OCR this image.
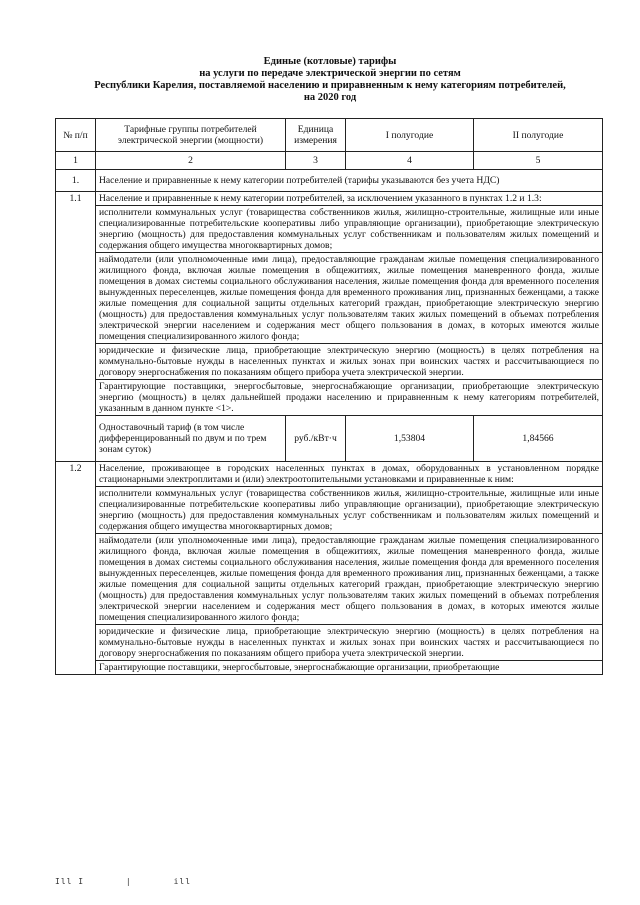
Единые (котловые) тарифы
на услуги по передаче электрической энергии по сетям
Республики Карелия, поставляемой населению и приравненным к нему категориям потребителей,
на 2020 год
№ п/п	Тарифные группы потребителей электрической энергии (мощности)	Единица измерения	I полугодие	II полугодие
1	2	3	4	5
1.	Население и приравненные к нему категории потребителей (тарифы указываются без учета НДС)			
1.1	Население и приравненные к нему категории потребителей, за исключением указанного в пунктах 1.2 и 1.3:			
	исполнители коммунальных услуг (товарищества собственников жилья, жилищно-строительные, жилищные или иные специализированные потребительские кооперативы либо управляющие организации), приобретающие электрическую энергию (мощность) для предоставления коммунальных услуг собственникам и пользователям жилых помещений и содержания общего имущества многоквартирных домов;			
	наймодатели (или уполномоченные ими лица), предоставляющие гражданам жилые помещения специализированного жилищного фонда, включая жилые помещения в общежитиях, жилые помещения маневренного фонда, жилые помещения в домах системы социального обслуживания населения, жилые помещения фонда для временного поселения вынужденных переселенцев, жилые помещения фонда для временного проживания лиц, признанных беженцами, а также жилые помещения для социальной защиты отдельных категорий граждан, приобретающие электрическую энергию (мощность) для предоставления коммунальных услуг пользователям таких жилых помещений в объемах потребления электрической энергии населением и содержания мест общего пользования в домах, в которых имеются жилые помещения специализированного жилого фонда;			
	юридические и физические лица, приобретающие электрическую энергию (мощность) в целях потребления на коммунально-бытовые нужды в населенных пунктах и жилых зонах при воинских частях и рассчитывающиеся по договору энергоснабжения по показаниям общего прибора учета электрической энергии.			
	Гарантирующие поставщики, энергосбытовые, энергоснабжающие организации, приобретающие электрическую энергию (мощность) в целях дальнейшей продажи населению и приравненным к нему категориям потребителей, указанным в данном пункте <1>.			
	Одноставочный тариф (в том числе дифференцированный по двум и по трем зонам суток)	руб./кВт·ч	1,53804	1,84566
1.2	Население, проживающее в городских населенных пунктах в домах, оборудованных в установленном порядке стационарными электроплитами и (или) электроотопительными установками и приравненные к ним:			
	исполнители коммунальных услуг (товарищества собственников жилья, жилищно-строительные, жилищные или иные специализированные потребительские кооперативы либо управляющие организации), приобретающие электрическую энергию (мощность) для предоставления коммунальных услуг собственникам и пользователям жилых помещений и содержания общего имущества многоквартирных домов;			
	наймодатели (или уполномоченные ими лица), предоставляющие гражданам жилые помещения специализированного жилищного фонда, включая жилые помещения в общежитиях, жилые помещения маневренного фонда, жилые помещения в домах системы социального обслуживания населения, жилые помещения фонда для временного поселения вынужденных переселенцев, жилые помещения фонда для временного проживания лиц, признанных беженцами, а также жилые помещения для социальной защиты отдельных категорий граждан, приобретающие электрическую энергию (мощность) для предоставления коммунальных услуг пользователям таких жилых помещений в объемах потребления электрической энергии населением и содержания мест общего пользования в домах, в которых имеются жилые помещения специализированного жилого фонда;			
	юридические и физические лица, приобретающие электрическую энергию (мощность) в целях потребления на коммунально-бытовые нужды в населенных пунктах и жилых зонах при воинских частях и рассчитывающиеся по договору энергоснабжения по показаниям общего прибора учета электрической энергии.			
	Гарантирующие поставщики, энергосбытовые, энергоснабжающие организации, приобретающие			
Ill I	|	ill
